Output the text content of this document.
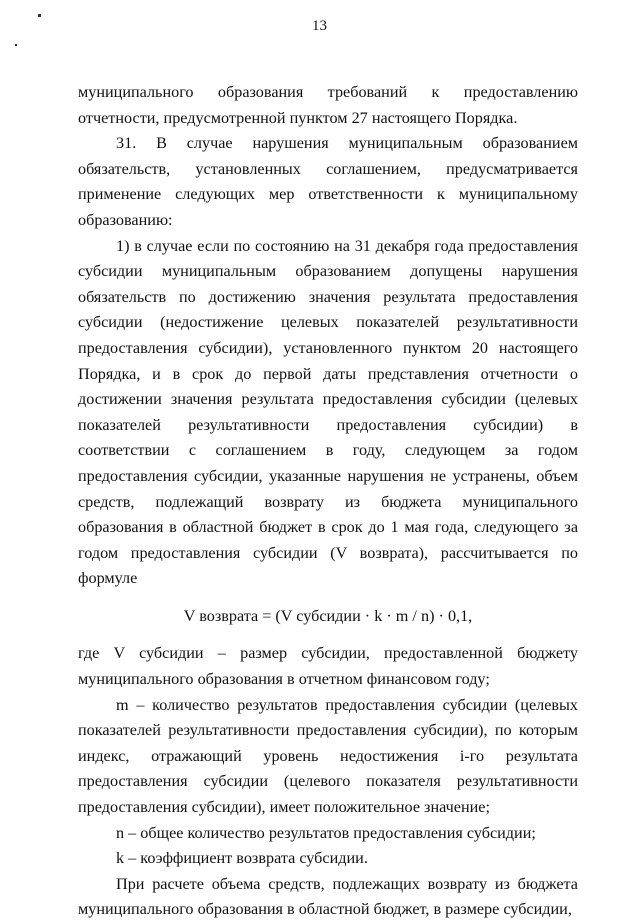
13

муниципального образования требований к предоставлению отчетности, предусмотренной пунктом 27 настоящего Порядка.

31. В случае нарушения муниципальным образованием обязательств, установленных соглашением, предусматривается применение следующих мер ответственности к муниципальному образованию:

1) в случае если по состоянию на 31 декабря года предоставления субсидии муниципальным образованием допущены нарушения обязательств по достижению значения результата предоставления субсидии (недостижение целевых показателей результативности предоставления субсидии), установленного пунктом 20 настоящего Порядка, и в срок до первой даты представления отчетности о достижении значения результата предоставления субсидии (целевых показателей результативности предоставления субсидии) в соответствии с соглашением в году, следующем за годом предоставления субсидии, указанные нарушения не устранены, объем средств, подлежащий возврату из бюджета муниципального образования в областной бюджет в срок до 1 мая года, следующего за годом предоставления субсидии (V возврата), рассчитывается по формуле

V возврата = (V субсидии · k · m / n) · 0,1,

где V субсидии – размер субсидии, предоставленной бюджету муниципального образования в отчетном финансовом году;

m – количество результатов предоставления субсидии (целевых показателей результативности предоставления субсидии), по которым индекс, отражающий уровень недостижения i-го результата предоставления субсидии (целевого показателя результативности предоставления субсидии), имеет положительное значение;

n – общее количество результатов предоставления субсидии;

k – коэффициент возврата субсидии.

При расчете объема средств, подлежащих возврату из бюджета муниципального образования в областной бюджет, в размере субсидии,
